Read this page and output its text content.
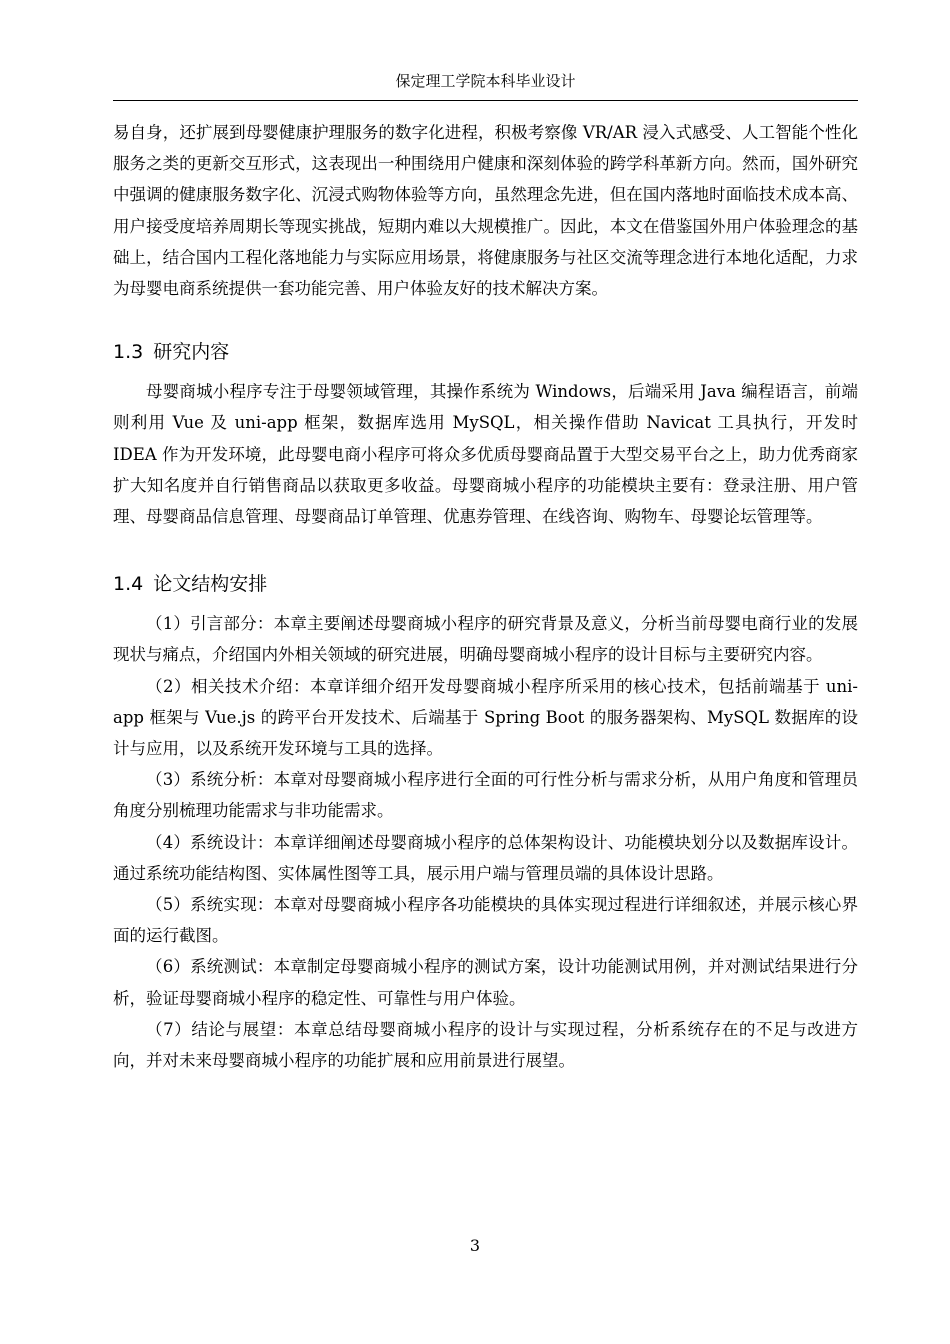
保定理工学院本科毕业设计

易自身，还扩展到母婴健康护理服务的数字化进程，积极考察像 VR/AR 浸入式感受、人工智能个性化服务之类的更新交互形式，这表现出一种围绕用户健康和深刻体验的跨学科革新方向。然而，国外研究中强调的健康服务数字化、沉浸式购物体验等方向，虽然理念先进，但在国内落地时面临技术成本高、用户接受度培养周期长等现实挑战，短期内难以大规模推广。因此，本文在借鉴国外用户体验理念的基础上，结合国内工程化落地能力与实际应用场景，将健康服务与社区交流等理念进行本地化适配，力求为母婴电商系统提供一套功能完善、用户体验友好的技术解决方案。

1.3 研究内容

母婴商城小程序专注于母婴领域管理，其操作系统为 Windows，后端采用 Java 编程语言，前端则利用 Vue 及 uni-app 框架，数据库选用 MySQL，相关操作借助 Navicat 工具执行，开发时 IDEA 作为开发环境，此母婴电商小程序可将众多优质母婴商品置于大型交易平台之上，助力优秀商家扩大知名度并自行销售商品以获取更多收益。母婴商城小程序的功能模块主要有：登录注册、用户管理、母婴商品信息管理、母婴商品订单管理、优惠券管理、在线咨询、购物车、母婴论坛管理等。

1.4 论文结构安排

（1）引言部分：本章主要阐述母婴商城小程序的研究背景及意义，分析当前母婴电商行业的发展现状与痛点，介绍国内外相关领域的研究进展，明确母婴商城小程序的设计目标与主要研究内容。

（2）相关技术介绍：本章详细介绍开发母婴商城小程序所采用的核心技术，包括前端基于 uni-app 框架与 Vue.js 的跨平台开发技术、后端基于 Spring Boot 的服务器架构、MySQL 数据库的设计与应用，以及系统开发环境与工具的选择。

（3）系统分析：本章对母婴商城小程序进行全面的可行性分析与需求分析，从用户角度和管理员角度分别梳理功能需求与非功能需求。

（4）系统设计：本章详细阐述母婴商城小程序的总体架构设计、功能模块划分以及数据库设计。通过系统功能结构图、实体属性图等工具，展示用户端与管理员端的具体设计思路。

（5）系统实现：本章对母婴商城小程序各功能模块的具体实现过程进行详细叙述，并展示核心界面的运行截图。

（6）系统测试：本章制定母婴商城小程序的测试方案，设计功能测试用例，并对测试结果进行分析，验证母婴商城小程序的稳定性、可靠性与用户体验。

（7）结论与展望：本章总结母婴商城小程序的设计与实现过程，分析系统存在的不足与改进方向，并对未来母婴商城小程序的功能扩展和应用前景进行展望。

3
